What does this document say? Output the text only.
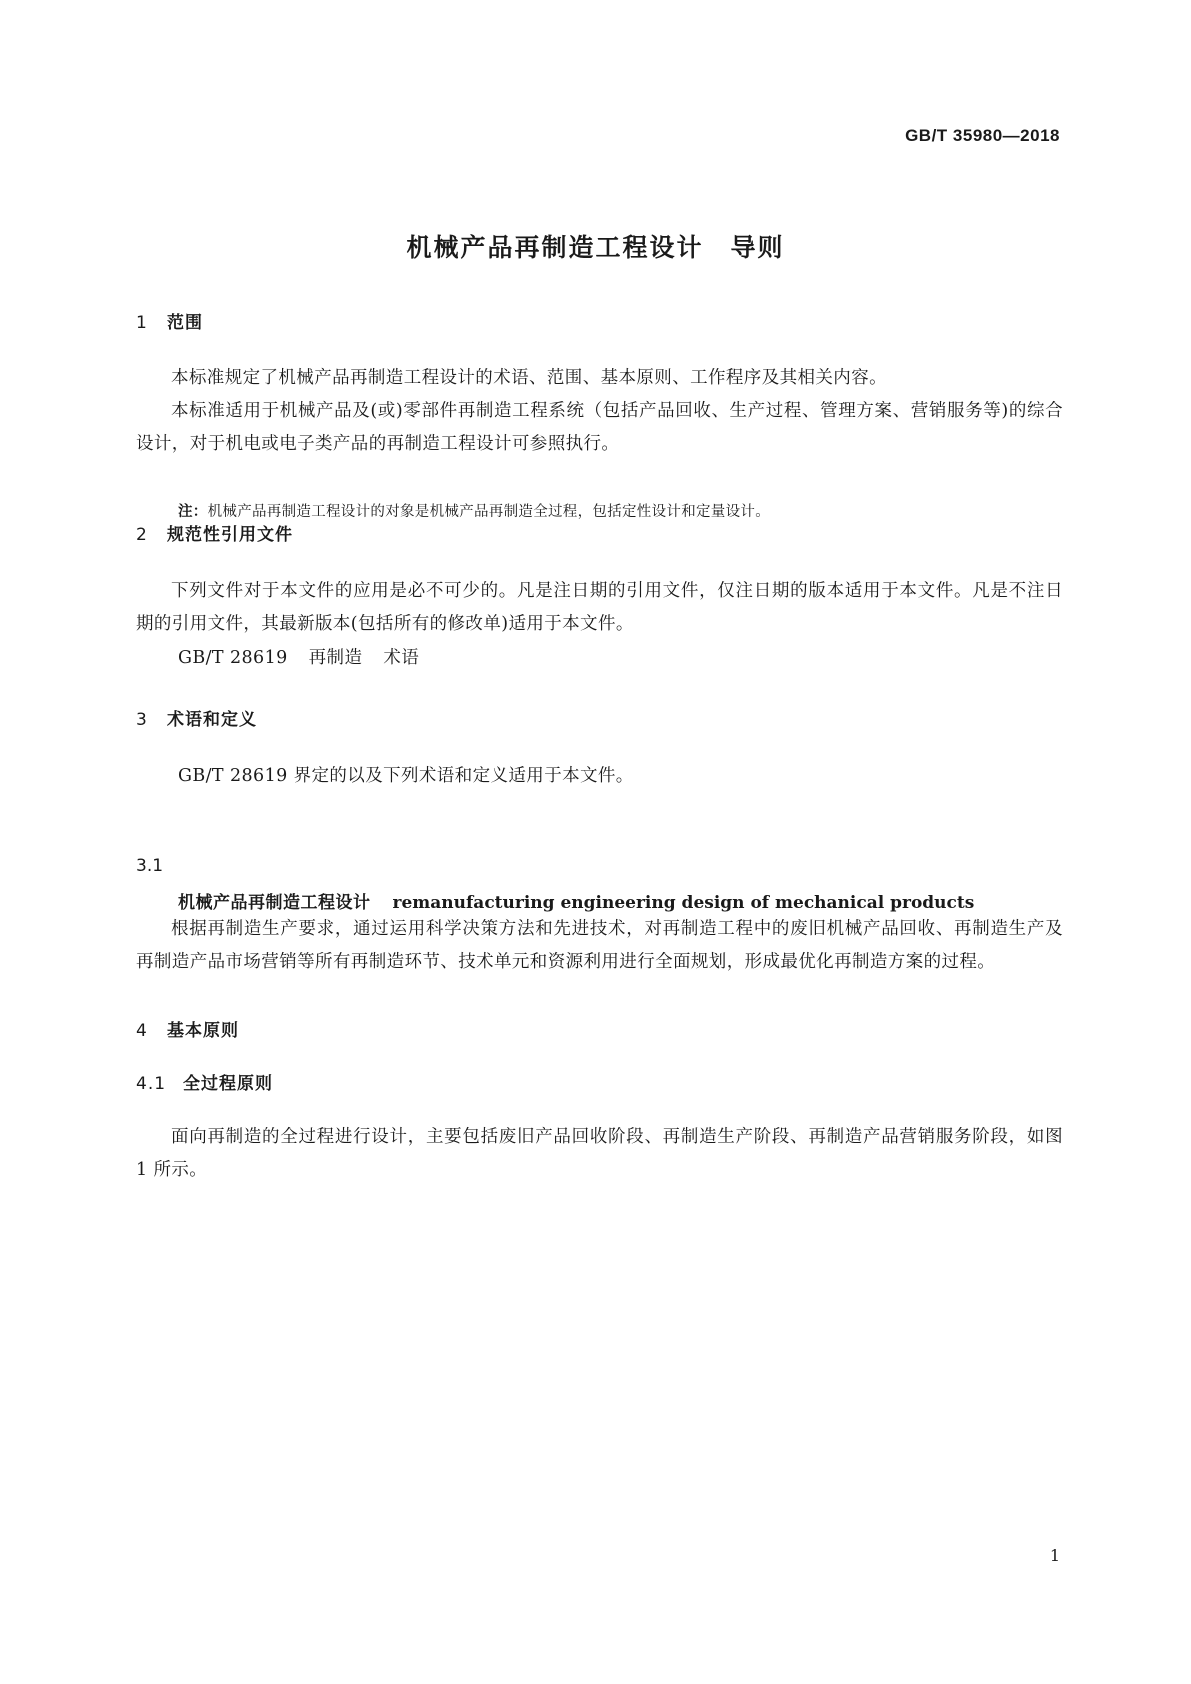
GB/T 35980—2018
机械产品再制造工程设计　导则
1 范围
本标准规定了机械产品再制造工程设计的术语、范围、基本原则、工作程序及其相关内容。
本标准适用于机械产品及(或)零部件再制造工程系统（包括产品回收、生产过程、管理方案、营销服务等)的综合设计，对于机电或电子类产品的再制造工程设计可参照执行。
注：机械产品再制造工程设计的对象是机械产品再制造全过程，包括定性设计和定量设计。
2 规范性引用文件
下列文件对于本文件的应用是必不可少的。凡是注日期的引用文件，仅注日期的版本适用于本文件。凡是不注日期的引用文件，其最新版本(包括所有的修改单)适用于本文件。
GB/T 28619 再制造 术语
3 术语和定义
GB/T 28619 界定的以及下列术语和定义适用于本文件。
3.1
机械产品再制造工程设计 remanufacturing engineering design of mechanical products
根据再制造生产要求，通过运用科学决策方法和先进技术，对再制造工程中的废旧机械产品回收、再制造生产及再制造产品市场营销等所有再制造环节、技术单元和资源利用进行全面规划，形成最优化再制造方案的过程。
4 基本原则
4.1 全过程原则
面向再制造的全过程进行设计，主要包括废旧产品回收阶段、再制造生产阶段、再制造产品营销服务阶段，如图 1 所示。
1
